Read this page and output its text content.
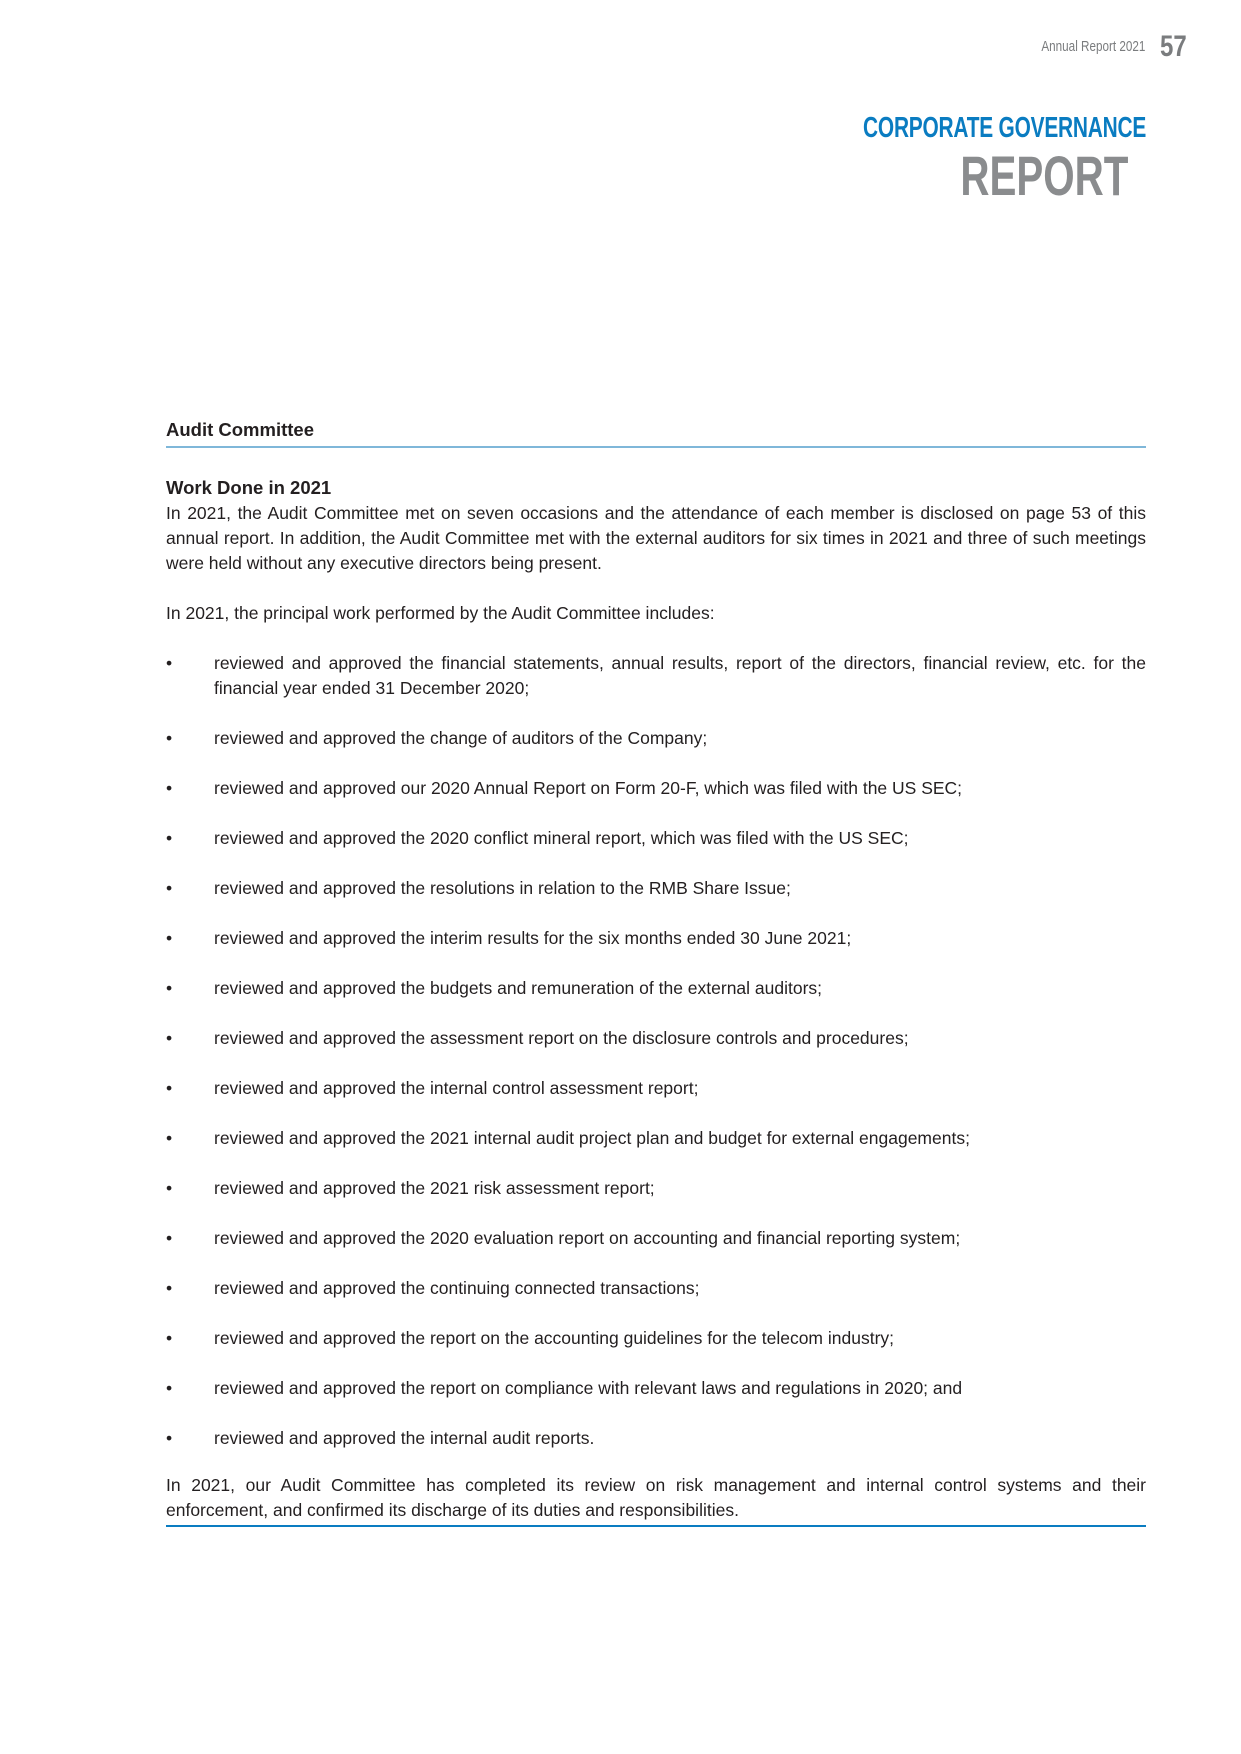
Annual Report 2021 57
CORPORATE GOVERNANCE
REPORT
Audit Committee
Work Done in 2021

In 2021, the Audit Committee met on seven occasions and the attendance of each member is disclosed on page 53 of this annual report. In addition, the Audit Committee met with the external auditors for six times in 2021 and three of such meetings were held without any executive directors being present.

In 2021, the principal work performed by the Audit Committee includes:

• reviewed and approved the financial statements, annual results, report of the directors, financial review, etc. for the financial year ended 31 December 2020;
• reviewed and approved the change of auditors of the Company;
• reviewed and approved our 2020 Annual Report on Form 20-F, which was filed with the US SEC;
• reviewed and approved the 2020 conflict mineral report, which was filed with the US SEC;
• reviewed and approved the resolutions in relation to the RMB Share Issue;
• reviewed and approved the interim results for the six months ended 30 June 2021;
• reviewed and approved the budgets and remuneration of the external auditors;
• reviewed and approved the assessment report on the disclosure controls and procedures;
• reviewed and approved the internal control assessment report;
• reviewed and approved the 2021 internal audit project plan and budget for external engagements;
• reviewed and approved the 2021 risk assessment report;
• reviewed and approved the 2020 evaluation report on accounting and financial reporting system;
• reviewed and approved the continuing connected transactions;
• reviewed and approved the report on the accounting guidelines for the telecom industry;
• reviewed and approved the report on compliance with relevant laws and regulations in 2020; and
• reviewed and approved the internal audit reports.

In 2021, our Audit Committee has completed its review on risk management and internal control systems and their enforcement, and confirmed its discharge of its duties and responsibilities.
